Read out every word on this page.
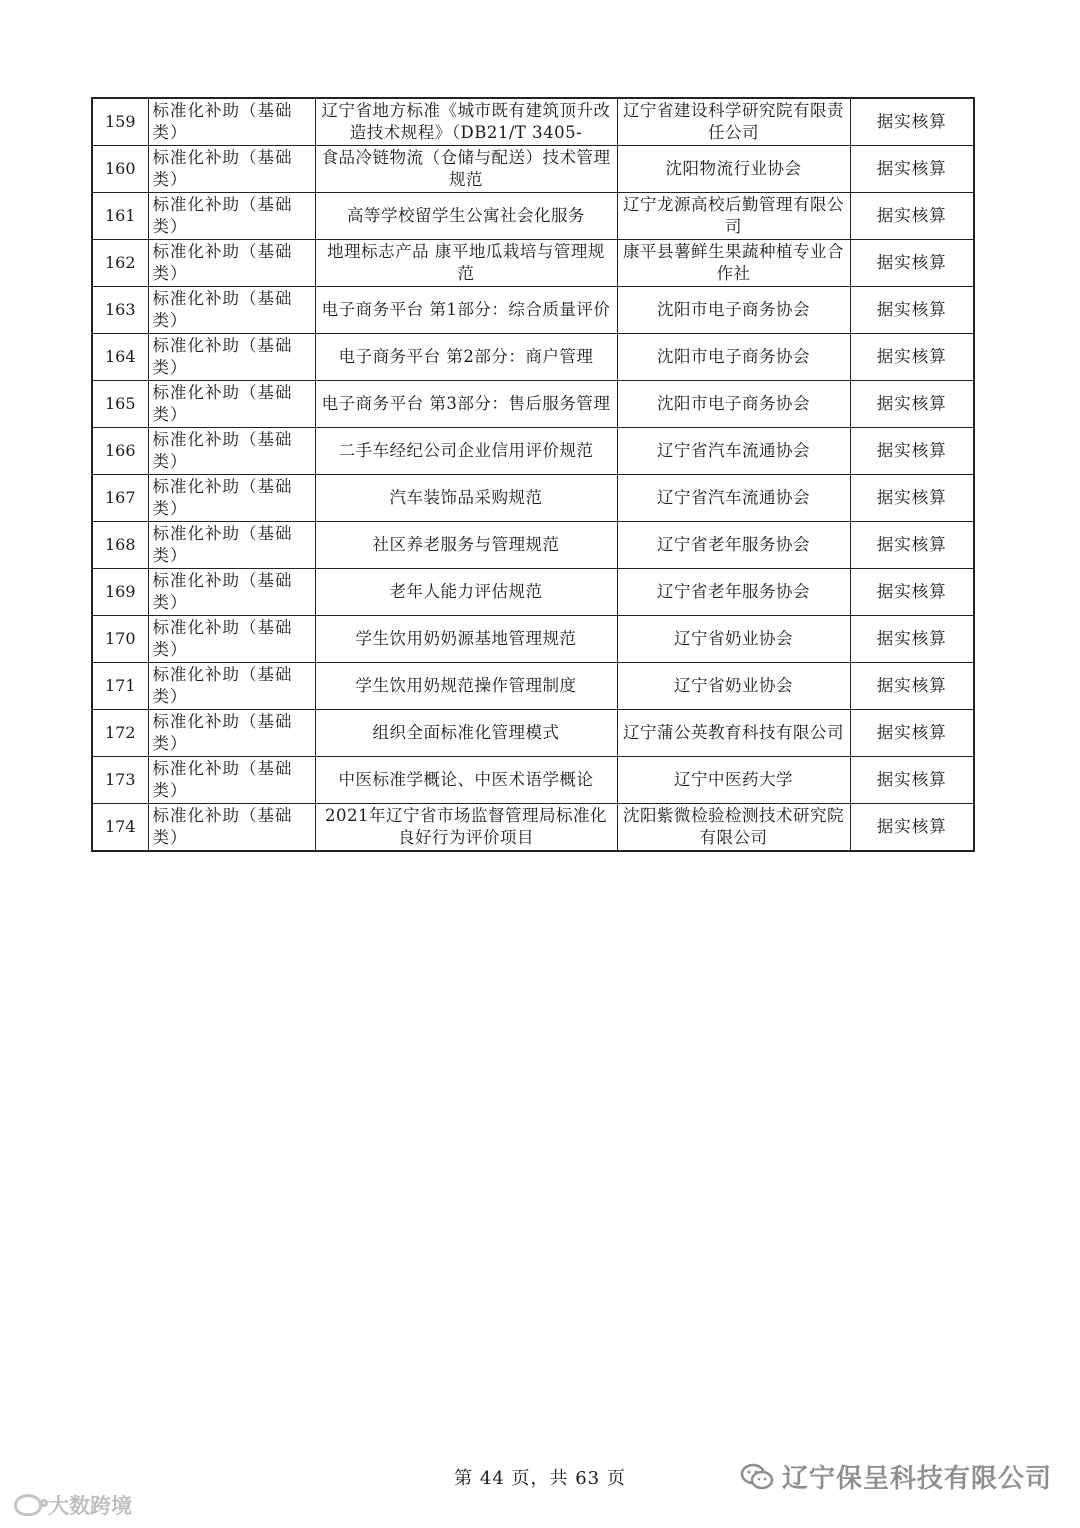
159	标准化补助（基础类）	辽宁省地方标准《城市既有建筑顶升改造技术规程》（DB21/T 3405-	辽宁省建设科学研究院有限责任公司	据实核算
160	标准化补助（基础类）	食品冷链物流（仓储与配送）技术管理规范	沈阳物流行业协会	据实核算
161	标准化补助（基础类）	高等学校留学生公寓社会化服务	辽宁龙源高校后勤管理有限公司	据实核算
162	标准化补助（基础类）	地理标志产品 康平地瓜栽培与管理规范	康平县薯鲜生果蔬种植专业合作社	据实核算
163	标准化补助（基础类）	电子商务平台 第1部分：综合质量评价	沈阳市电子商务协会	据实核算
164	标准化补助（基础类）	电子商务平台 第2部分：商户管理	沈阳市电子商务协会	据实核算
165	标准化补助（基础类）	电子商务平台 第3部分：售后服务管理	沈阳市电子商务协会	据实核算
166	标准化补助（基础类）	二手车经纪公司企业信用评价规范	辽宁省汽车流通协会	据实核算
167	标准化补助（基础类）	汽车装饰品采购规范	辽宁省汽车流通协会	据实核算
168	标准化补助（基础类）	社区养老服务与管理规范	辽宁省老年服务协会	据实核算
169	标准化补助（基础类）	老年人能力评估规范	辽宁省老年服务协会	据实核算
170	标准化补助（基础类）	学生饮用奶奶源基地管理规范	辽宁省奶业协会	据实核算
171	标准化补助（基础类）	学生饮用奶规范操作管理制度	辽宁省奶业协会	据实核算
172	标准化补助（基础类）	组织全面标准化管理模式	辽宁蒲公英教育科技有限公司	据实核算
173	标准化补助（基础类）	中医标准学概论、中医术语学概论	辽宁中医药大学	据实核算
174	标准化补助（基础类）	2021年辽宁省市场监督管理局标准化良好行为评价项目	沈阳紫微检验检测技术研究院有限公司	据实核算
第 44 页，共 63 页
大数跨境
辽宁保呈科技有限公司
